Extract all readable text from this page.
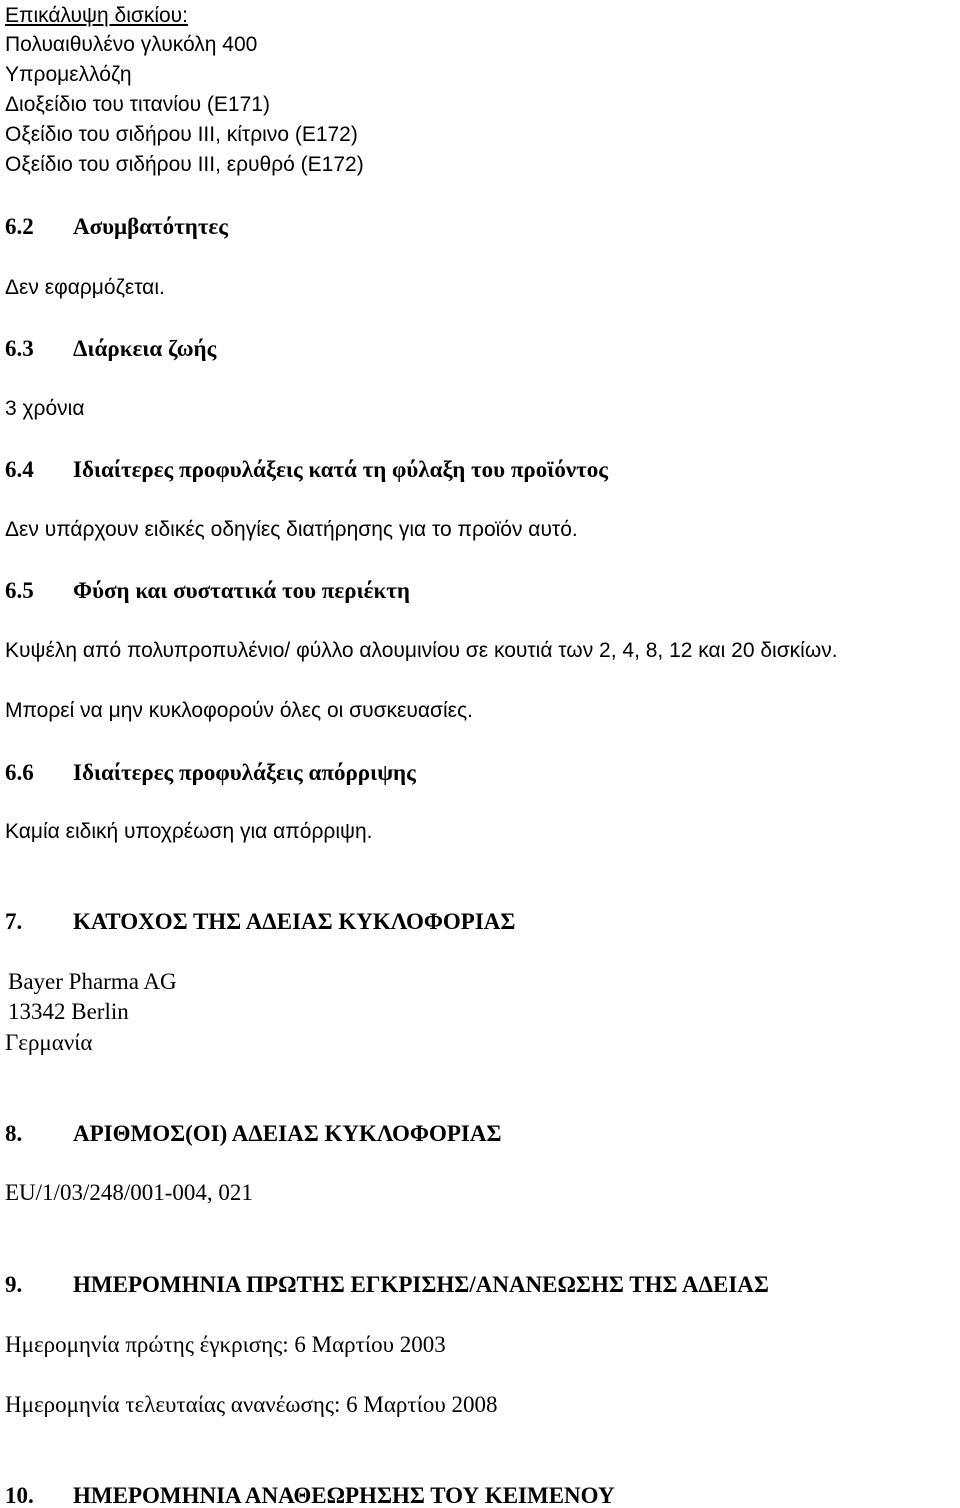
Επικάλυψη δισκίου:
Πολυαιθυλένο γλυκόλη 400
Υπρομελλόζη
Διοξείδιο του τιτανίου (E171)
Οξείδιο του σιδήρου ΙΙΙ, κίτρινο (E172)
Οξείδιο του σιδήρου ΙΙΙ, ερυθρό (E172)
6.2 Ασυμβατότητες
Δεν εφαρμόζεται.
6.3 Διάρκεια ζωής
3 χρόνια
6.4 Ιδιαίτερες προφυλάξεις κατά τη φύλαξη του προϊόντος
Δεν υπάρχουν ειδικές οδηγίες διατήρησης για το προϊόν αυτό.
6.5 Φύση και συστατικά του περιέκτη
Κυψέλη από πολυπροπυλένιο/ φύλλο αλουμινίου σε κουτιά των 2, 4, 8, 12 και 20 δισκίων.
Μπορεί να μην κυκλοφορούν όλες οι συσκευασίες.
6.6 Ιδιαίτερες προφυλάξεις απόρριψης
Καμία ειδική υποχρέωση για απόρριψη.
7. ΚΑΤΟΧΟΣ ΤΗΣ ΑΔΕΙΑΣ ΚΥΚΛΟΦΟΡΙΑΣ
Bayer Pharma AG
13342 Berlin
Γερμανία
8. ΑΡΙΘΜΟΣ(ΟΙ) ΑΔΕΙΑΣ ΚΥΚΛΟΦΟΡΙΑΣ
EU/1/03/248/001-004, 021
9. ΗΜΕΡΟΜΗΝΙΑ ΠΡΩΤΗΣ ΕΓΚΡΙΣΗΣ/ΑΝΑΝΕΩΣΗΣ ΤΗΣ ΑΔΕΙΑΣ
Ημερομηνία πρώτης έγκρισης: 6 Μαρτίου 2003
Ημερομηνία τελευταίας ανανέωσης: 6 Μαρτίου 2008
10. ΗΜΕΡΟΜΗΝΙΑ ΑΝΑΘΕΩΡΗΣΗΣ ΤΟΥ ΚΕΙΜΕΝΟΥ
